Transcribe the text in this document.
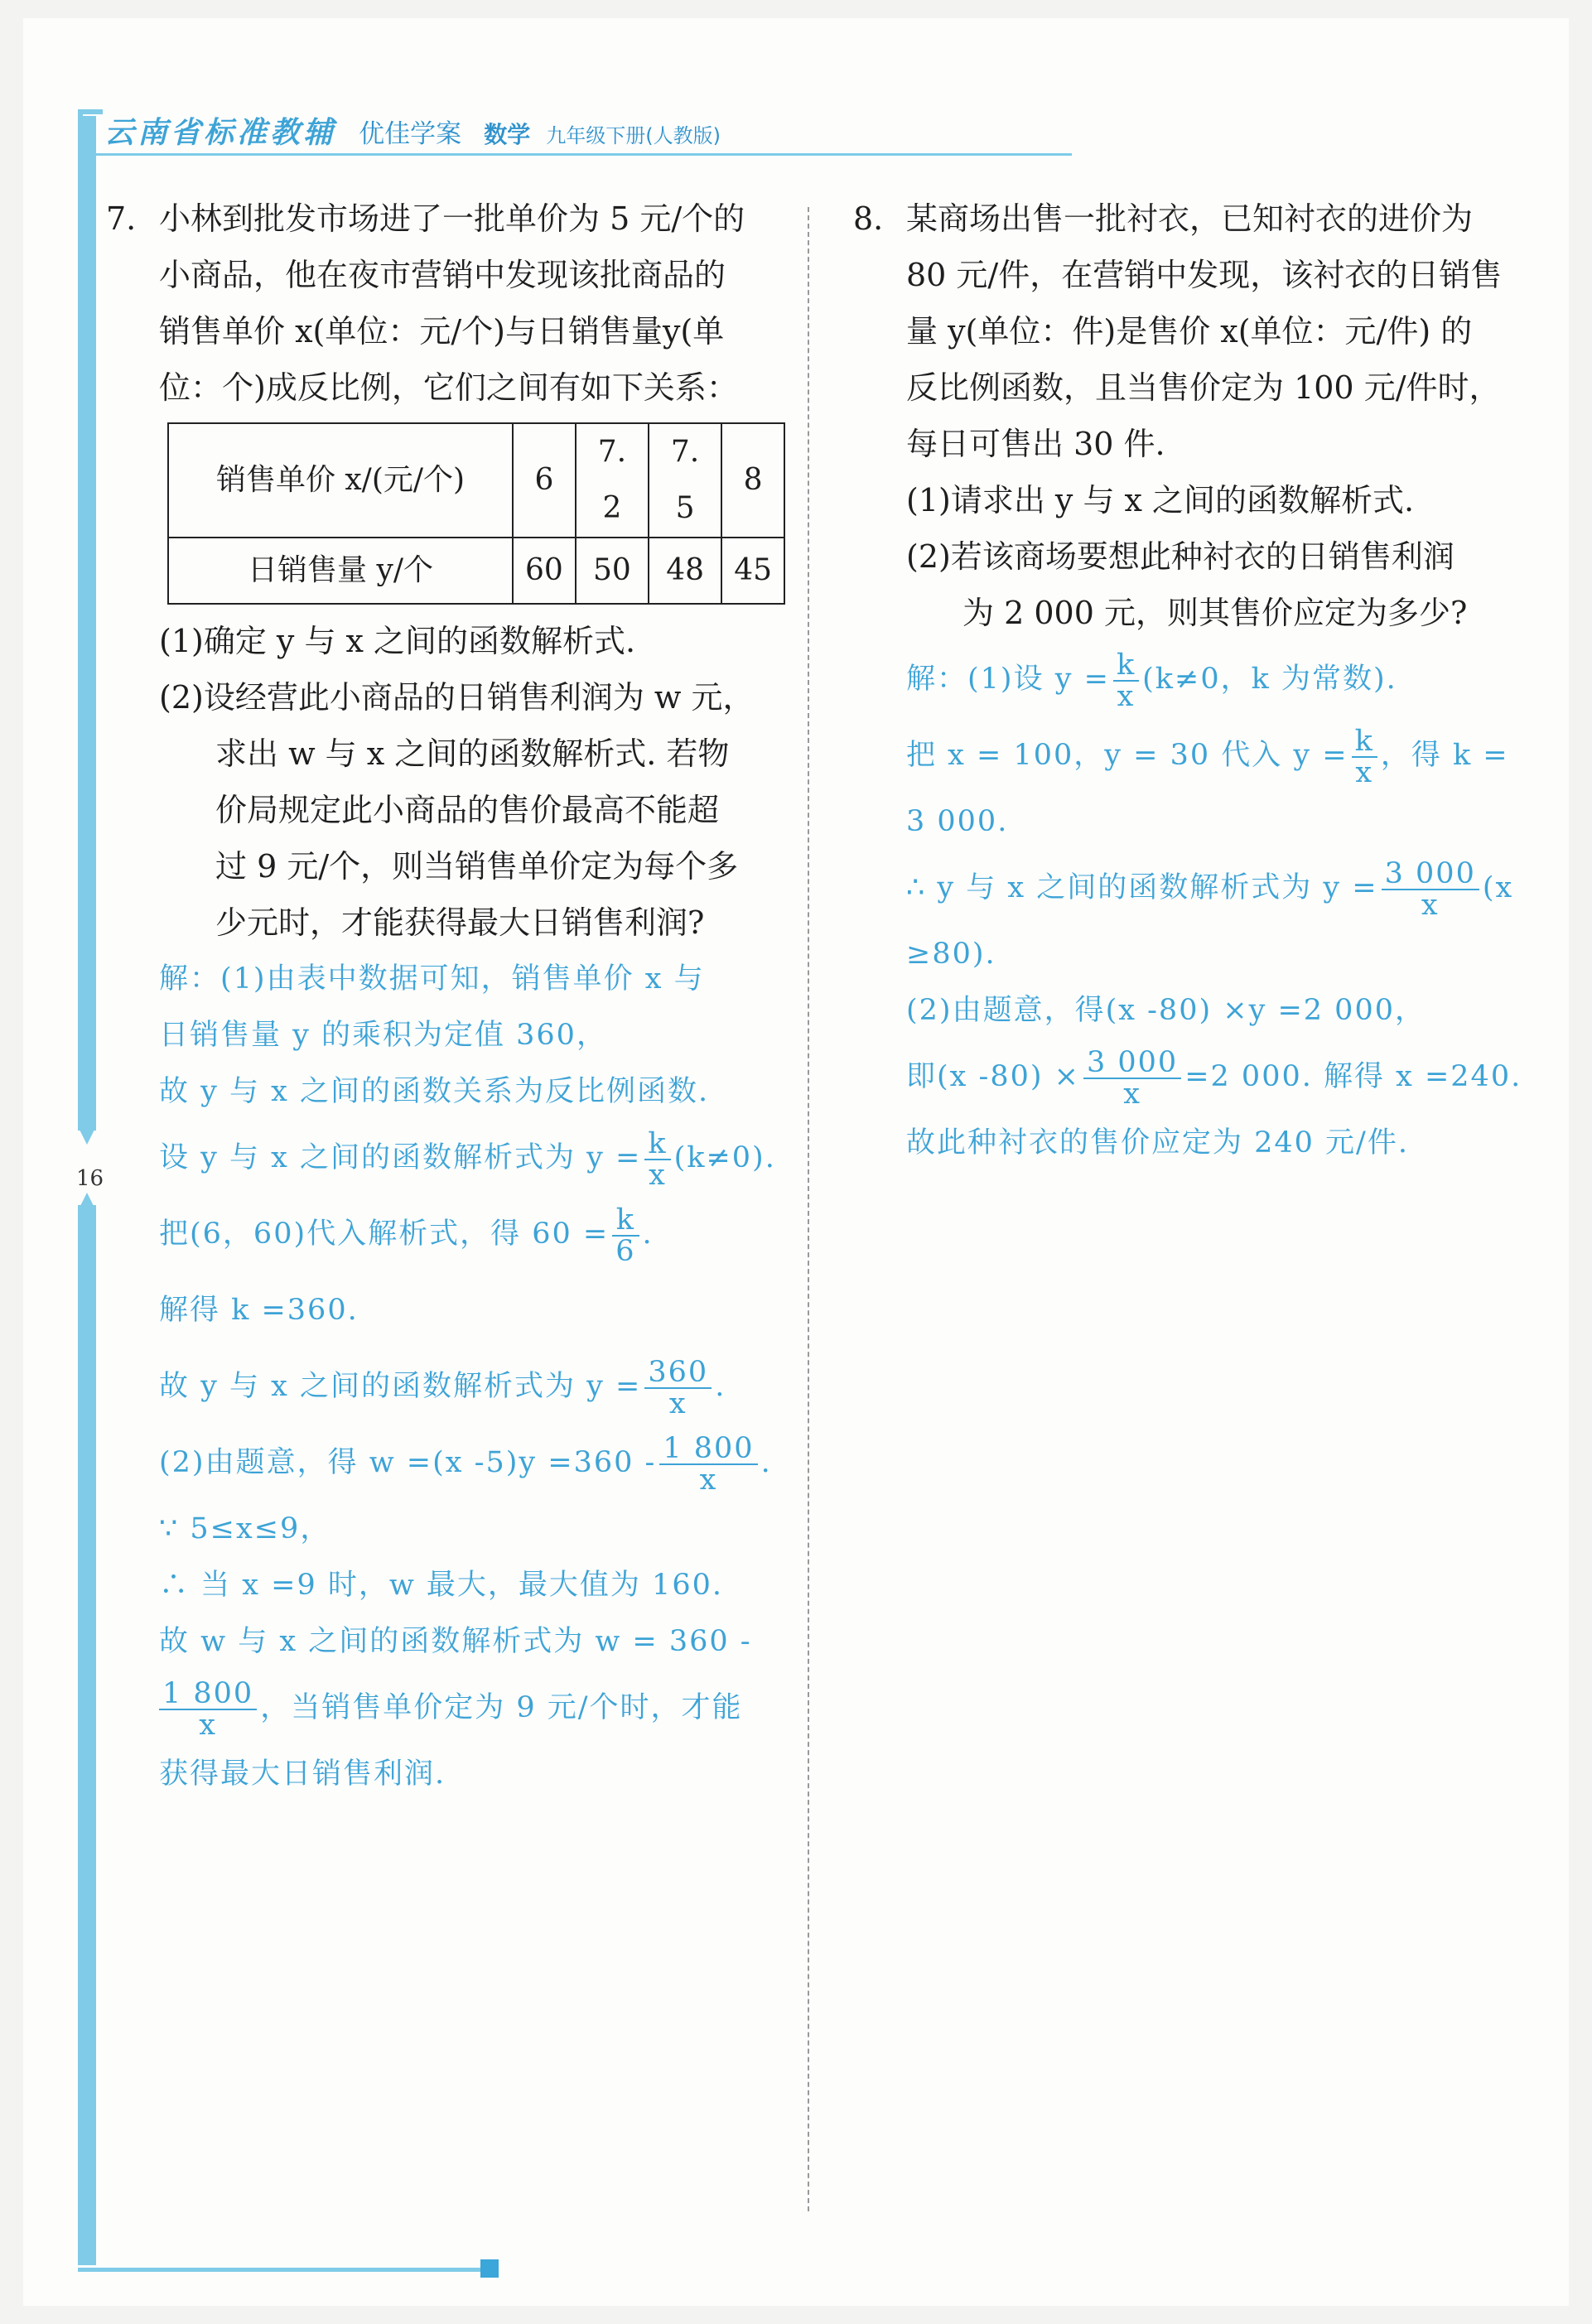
16
云南省标准教辅 优佳学案 数学 九年级下册(人教版)
7. 小林到批发市场进了一批单价为 5 元/个的
小商品，他在夜市营销中发现该批商品的
销售单价 x(单位：元/个)与日销售量y(单
位：个)成反比例，它们之间有如下关系：
销售单价 x/(元/个)	6	7. 2	7. 5	8
日销售量 y/个	60	50	48	45
(1)确定 y 与 x 之间的函数解析式.
(2)设经营此小商品的日销售利润为 w 元，
求出 w 与 x 之间的函数解析式. 若物
价局规定此小商品的售价最高不能超
过 9 元/个，则当销售单价定为每个多
少元时，才能获得最大日销售利润?

解：(1)由表中数据可知，销售单价 x 与

日销售量 y 的乘积为定值 360，

故 y 与 x 之间的函数关系为反比例函数.

设 y 与 x 之间的函数解析式为 $y = \frac{k}{x} (k\ne 0)$.

把(6，60)代入解析式，得 $60 = \frac{k}{6}$ .

解得 k =360.

故 y 与 x 之间的函数解析式为 $y = \frac{360}{x}$ .

(2)由题意，得 w =(x $-5)y =360 - \frac{1 800}{x}$ .

∵ 5≤x≤9，

∴ 当 x =9 时，w 最大，最大值为 160.

故 w 与 x 之间的函数解析式为 w = 360 -

$\frac{1 800}{x}$ ，当销售单价定为 9 元/个时，才能

获得最大日销售利润.

8. 某商场出售一批衬衣，已知衬衣的进价为
80 元/件，在营销中发现，该衬衣的日销售
量 y(单位：件)是售价 x(单位：元/件) 的
反比例函数，且当售价定为 100 元/件时，
每日可售出 30 件.
(1)请求出 y 与 x 之间的函数解析式.
(2)若该商场要想此种衬衣的日销售利润
为 2 000 元，则其售价应定为多少?

解：(1)设 $y = \frac{k}{x} (k\ne 0$，k 为常数).

把 x = 100，y = 30 代入 $y = \frac{k}{x}$ ，得 k =

3 000.

∴ y 与 x 之间的函数解析式为 $y = \frac{3 000}{x} (x$

≥80).

(2)由题意，得(x -80) ×y =2 000，

即(x $-80) \times \frac{3 000}{x} =2$ 000. 解得 x =240.

故此种衬衣的售价应定为 240 元/件.
